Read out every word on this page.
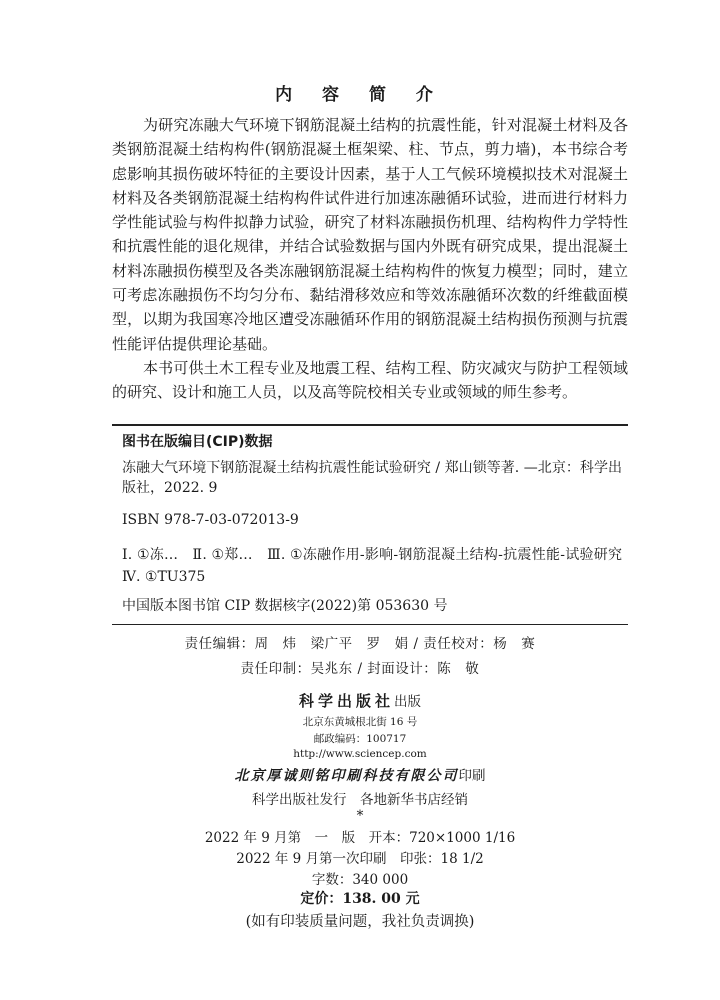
内 容 简 介

为研究冻融大气环境下钢筋混凝土结构的抗震性能，针对混凝土材料及各类钢筋混凝土结构构件(钢筋混凝土框架梁、柱、节点，剪力墙)，本书综合考虑影响其损伤破坏特征的主要设计因素，基于人工气候环境模拟技术对混凝土材料及各类钢筋混凝土结构构件试件进行加速冻融循环试验，进而进行材料力学性能试验与构件拟静力试验，研究了材料冻融损伤机理、结构构件力学特性和抗震性能的退化规律，并结合试验数据与国内外既有研究成果，提出混凝土材料冻融损伤模型及各类冻融钢筋混凝土结构构件的恢复力模型；同时，建立可考虑冻融损伤不均匀分布、黏结滑移效应和等效冻融循环次数的纤维截面模型，以期为我国寒冷地区遭受冻融循环作用的钢筋混凝土结构损伤预测与抗震性能评估提供理论基础。

本书可供土木工程专业及地震工程、结构工程、防灾减灾与防护工程领域的研究、设计和施工人员，以及高等院校相关专业或领域的师生参考。

图书在版编目(CIP)数据
冻融大气环境下钢筋混凝土结构抗震性能试验研究 / 郑山锁等著. —北京：科学出版社，2022. 9
ISBN 978-7-03-072013-9
Ⅰ. ①冻…　Ⅱ. ①郑…　Ⅲ. ①冻融作用-影响-钢筋混凝土结构-抗震性能-试验研究　Ⅳ. ①TU375
中国版本图书馆 CIP 数据核字(2022)第 053630 号
责任编辑：周　炜　梁广平　罗　娟 / 责任校对：杨　赛
责任印制：吴兆东 / 封面设计：陈　敬
科学出版社出版
北京东黄城根北街 16 号
邮政编码：100717
http://www.sciencep.com
北京厚诚则铭印刷科技有限公司印刷
科学出版社发行　各地新华书店经销
*
2022 年 9 月第　一　版　开本：720×1000 1/16
2022 年 9 月第一次印刷　印张：18 1/2
字数：340 000
定价：138. 00 元
(如有印装质量问题，我社负责调换)
